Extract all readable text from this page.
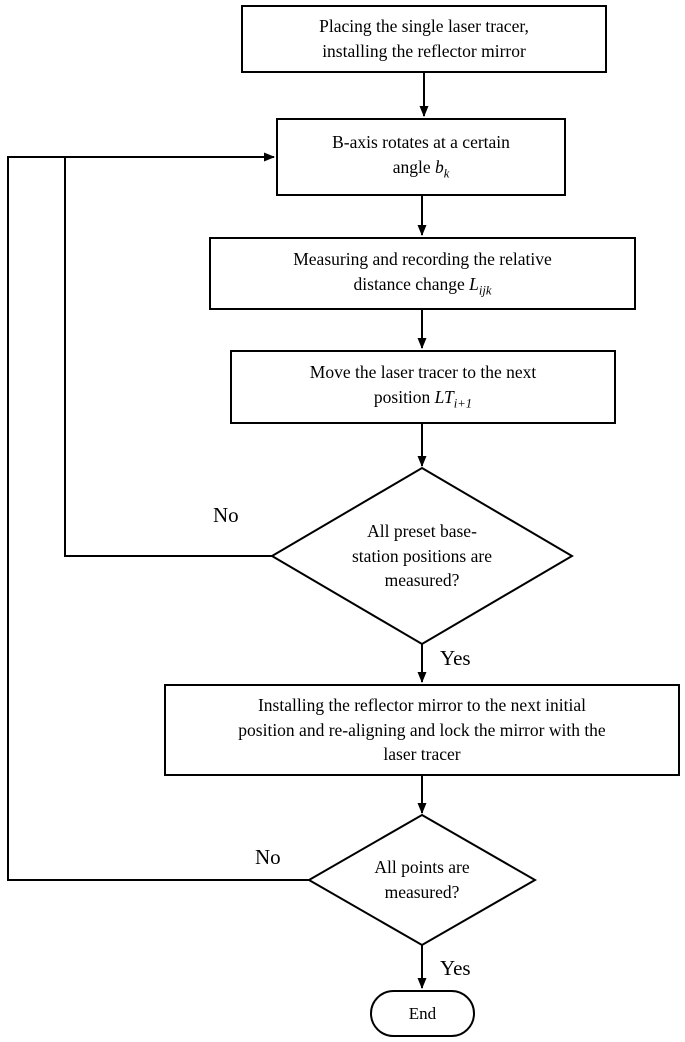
Placing the single laser tracer,
installing the reflector mirror
B-axis rotates at a certain
angle $b_k$
Measuring and recording the relative
distance change $L_{ijk}$
Move the laser tracer to the next
position $LT_{i+1}$
All preset base-
station positions are
measured?
Installing the reflector mirror to the next initial
position and re-aligning and lock the mirror with the
laser tracer
All points are
measured?
End
No
Yes
No
Yes
